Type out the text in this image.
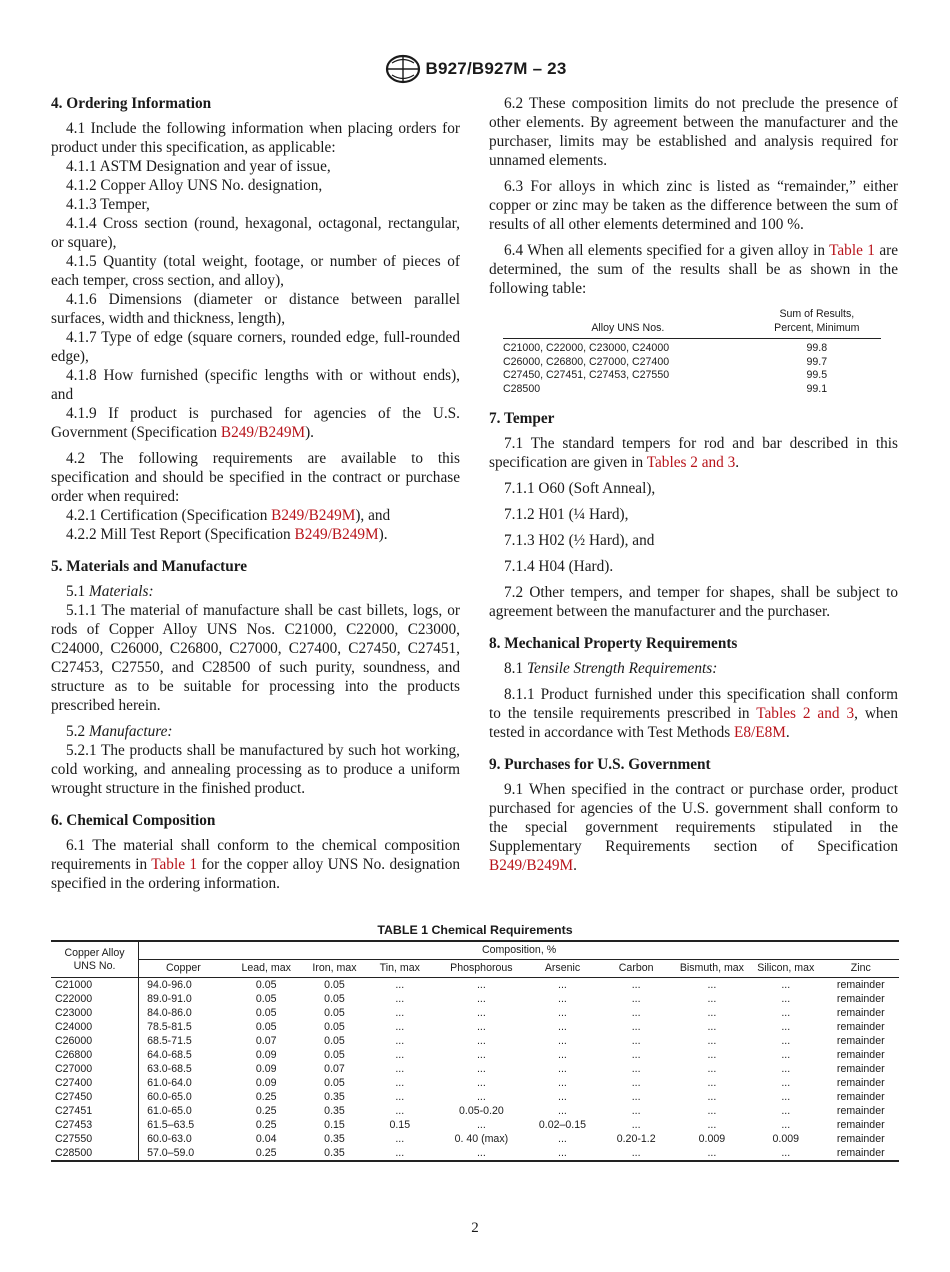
B927/B927M – 23
4. Ordering Information

4.1 Include the following information when placing orders for product under this specification, as applicable:

4.1.1 ASTM Designation and year of issue,

4.1.2 Copper Alloy UNS No. designation,

4.1.3 Temper,

4.1.4 Cross section (round, hexagonal, octagonal, rectangular, or square),

4.1.5 Quantity (total weight, footage, or number of pieces of each temper, cross section, and alloy),

4.1.6 Dimensions (diameter or distance between parallel surfaces, width and thickness, length),

4.1.7 Type of edge (square corners, rounded edge, full-rounded edge),

4.1.8 How furnished (specific lengths with or without ends), and

4.1.9 If product is purchased for agencies of the U.S. Government (Specification B249/B249M).

4.2 The following requirements are available to this specification and should be specified in the contract or purchase order when required:

4.2.1 Certification (Specification B249/B249M), and

4.2.2 Mill Test Report (Specification B249/B249M).

5. Materials and Manufacture

5.1 Materials:

5.1.1 The material of manufacture shall be cast billets, logs, or rods of Copper Alloy UNS Nos. C21000, C22000, C23000, C24000, C26000, C26800, C27000, C27400, C27450, C27451, C27453, C27550, and C28500 of such purity, soundness, and structure as to be suitable for processing into the products prescribed herein.

5.2 Manufacture:

5.2.1 The products shall be manufactured by such hot working, cold working, and annealing processing as to produce a uniform wrought structure in the finished product.

6. Chemical Composition

6.1 The material shall conform to the chemical composition requirements in Table 1 for the copper alloy UNS No. designation specified in the ordering information.

6.2 These composition limits do not preclude the presence of other elements. By agreement between the manufacturer and the purchaser, limits may be established and analysis required for unnamed elements.

6.3 For alloys in which zinc is listed as “remainder,” either copper or zinc may be taken as the difference between the sum of results of all other elements determined and 100 %.

6.4 When all elements specified for a given alloy in Table 1 are determined, the sum of the results shall be as shown in the following table:

Alloy UNS Nos.	Sum of Results,
Percent, Minimum
C21000, C22000, C23000, C24000	99.8
C26000, C26800, C27000, C27400	99.7
C27450, C27451, C27453, C27550	99.5
C28500	99.1
7. Temper

7.1 The standard tempers for rod and bar described in this specification are given in Tables 2 and 3.

7.1.1 O60 (Soft Anneal),

7.1.2 H01 (¼ Hard),

7.1.3 H02 (½ Hard), and

7.1.4 H04 (Hard).

7.2 Other tempers, and temper for shapes, shall be subject to agreement between the manufacturer and the purchaser.

8. Mechanical Property Requirements

8.1 Tensile Strength Requirements:

8.1.1 Product furnished under this specification shall conform to the tensile requirements prescribed in Tables 2 and 3, when tested in accordance with Test Methods E8/E8M.

9. Purchases for U.S. Government

9.1 When specified in the contract or purchase order, product purchased for agencies of the U.S. government shall conform to the special government requirements stipulated in the Supplementary Requirements section of Specification B249/B249M.

TABLE 1 Chemical Requirements
Copper Alloy UNS No.	Composition, %									
	Copper	Lead, max	Iron, max	Tin, max	Phosphorous	Arsenic	Carbon	Bismuth, max	Silicon, max	Zinc
C21000	94.0-96.0	0.05	0.05	...	...	...	...	...	...	remainder
C22000	89.0-91.0	0.05	0.05	...	...	...	...	...	...	remainder
C23000	84.0-86.0	0.05	0.05	...	...	...	...	...	...	remainder
C24000	78.5-81.5	0.05	0.05	...	...	...	...	...	...	remainder
C26000	68.5-71.5	0.07	0.05	...	...	...	...	...	...	remainder
C26800	64.0-68.5	0.09	0.05	...	...	...	...	...	...	remainder
C27000	63.0-68.5	0.09	0.07	...	...	...	...	...	...	remainder
C27400	61.0-64.0	0.09	0.05	...	...	...	...	...	...	remainder
C27450	60.0-65.0	0.25	0.35	...	...	...	...	...	...	remainder
C27451	61.0-65.0	0.25	0.35	...	0.05-0.20	...	...	...	...	remainder
C27453	61.5–63.5	0.25	0.15	0.15	...	0.02–0.15	...	...	...	remainder
C27550	60.0-63.0	0.04	0.35	...	0. 40 (max)	...	0.20-1.2	0.009	0.009	remainder
C28500	57.0–59.0	0.25	0.35	...	...	...	...	...	...	remainder
2
